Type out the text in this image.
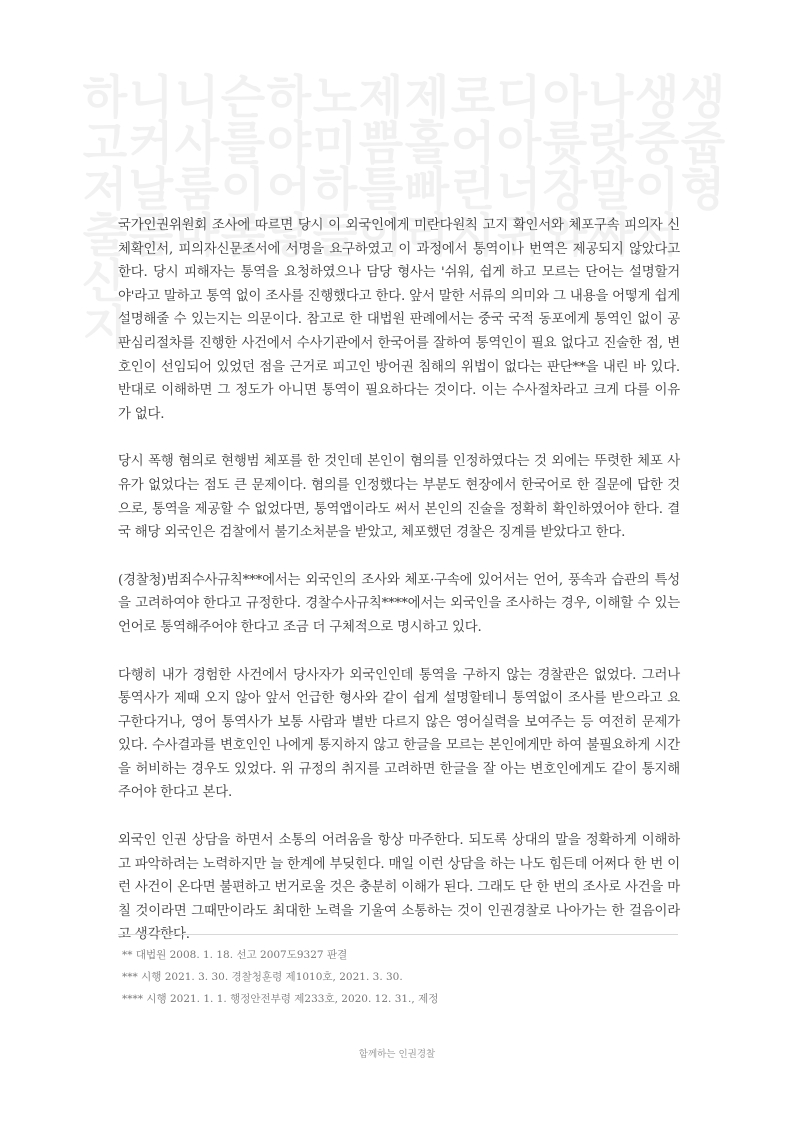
하고저출산지
니커날룸
니사룸마
슨를이롭
하야어닿
노미하들
제쁨틀이
제홀빠리
로어린시
디아너귀
아륫장와
나랏말싸
생중이서
생줍형

국가인권위원회 조사에 따르면 당시 이 외국인에게 미란다원칙 고지 확인서와 체포구속 피의자 신체확인서, 피의자신문조서에 서명을 요구하였고 이 과정에서 통역이나 번역은 제공되지 않았다고 한다. 당시 피해자는 통역을 요청하였으나 담당 형사는 '쉬워, 쉽게 하고 모르는 단어는 설명할거야'라고 말하고 통역 없이 조사를 진행했다고 한다. 앞서 말한 서류의 의미와 그 내용을 어떻게 쉽게 설명해줄 수 있는지는 의문이다. 참고로 한 대법원 판례에서는 중국 국적 동포에게 통역인 없이 공판심리절차를 진행한 사건에서 수사기관에서 한국어를 잘하여 통역인이 필요 없다고 진술한 점, 변호인이 선임되어 있었던 점을 근거로 피고인 방어권 침해의 위법이 없다는 판단**을 내린 바 있다. 반대로 이해하면 그 정도가 아니면 통역이 필요하다는 것이다. 이는 수사절차라고 크게 다를 이유가 없다.

당시 폭행 혐의로 현행범 체포를 한 것인데 본인이 혐의를 인정하였다는 것 외에는 뚜렷한 체포 사유가 없었다는 점도 큰 문제이다. 혐의를 인정했다는 부분도 현장에서 한국어로 한 질문에 답한 것으로, 통역을 제공할 수 없었다면, 통역앱이라도 써서 본인의 진술을 정확히 확인하였어야 한다. 결국 해당 외국인은 검찰에서 불기소처분을 받았고, 체포했던 경찰은 징계를 받았다고 한다.

(경찰청)범죄수사규칙***에서는 외국인의 조사와 체포·구속에 있어서는 언어, 풍속과 습관의 특성을 고려하여야 한다고 규정한다. 경찰수사규칙****에서는 외국인을 조사하는 경우, 이해할 수 있는 언어로 통역해주어야 한다고 조금 더 구체적으로 명시하고 있다.

다행히 내가 경험한 사건에서 당사자가 외국인인데 통역을 구하지 않는 경찰관은 없었다. 그러나 통역사가 제때 오지 않아 앞서 언급한 형사와 같이 쉽게 설명할테니 통역없이 조사를 받으라고 요구한다거나, 영어 통역사가 보통 사람과 별반 다르지 않은 영어실력을 보여주는 등 여전히 문제가 있다. 수사결과를 변호인인 나에게 통지하지 않고 한글을 모르는 본인에게만 하여 불필요하게 시간을 허비하는 경우도 있었다. 위 규정의 취지를 고려하면 한글을 잘 아는 변호인에게도 같이 통지해주어야 한다고 본다.

외국인 인권 상담을 하면서 소통의 어려움을 항상 마주한다. 되도록 상대의 말을 정확하게 이해하고 파악하려는 노력하지만 늘 한계에 부딪힌다. 매일 이런 상담을 하는 나도 힘든데 어쩌다 한 번 이런 사건이 온다면 불편하고 번거로울 것은 충분히 이해가 된다. 그래도 단 한 번의 조사로 사건을 마칠 것이라면 그때만이라도 최대한 노력을 기울여 소통하는 것이 인권경찰로 나아가는 한 걸음이라고 생각한다.

** 대법원 2008. 1. 18. 선고 2007도9327 판결
*** 시행 2021. 3. 30. 경찰청훈령 제1010호, 2021. 3. 30.
**** 시행 2021. 1. 1. 행정안전부령 제233호, 2020. 12. 31., 제정
함께하는 인권경찰
